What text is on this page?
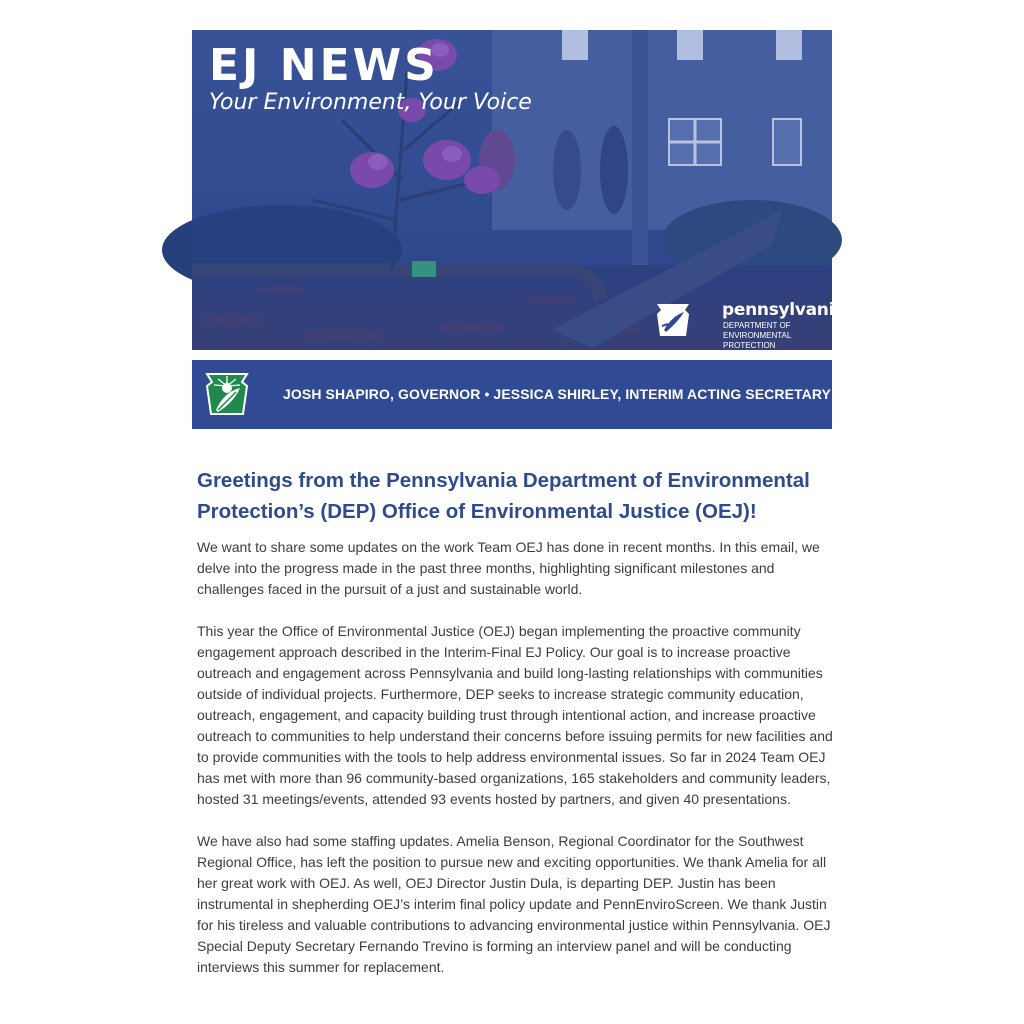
EJ NEWS
Your Environment, Your Voice
pennsylvania
DEPARTMENT OF ENVIRONMENTAL PROTECTION
JOSH SHAPIRO, GOVERNOR • JESSICA SHIRLEY, INTERIM ACTING SECRETARY
Greetings from the Pennsylvania Department of Environmental Protection’s (DEP) Office of Environmental Justice (OEJ)!

We want to share some updates on the work Team OEJ has done in recent months. In this email, we delve into the progress made in the past three months, highlighting significant milestones and challenges faced in the pursuit of a just and sustainable world.

This year the Office of Environmental Justice (OEJ) began implementing the proactive community engagement approach described in the Interim-Final EJ Policy. Our goal is to increase proactive outreach and engagement across Pennsylvania and build long-lasting relationships with communities outside of individual projects. Furthermore, DEP seeks to increase strategic community education, outreach, engagement, and capacity building trust through intentional action, and increase proactive outreach to communities to help understand their concerns before issuing permits for new facilities and to provide communities with the tools to help address environmental issues. So far in 2024 Team OEJ has met with more than 96 community-based organizations, 165 stakeholders and community leaders, hosted 31 meetings/events, attended 93 events hosted by partners, and given 40 presentations.

We have also had some staffing updates. Amelia Benson, Regional Coordinator for the Southwest Regional Office, has left the position to pursue new and exciting opportunities. We thank Amelia for all her great work with OEJ. As well, OEJ Director Justin Dula, is departing DEP. Justin has been instrumental in shepherding OEJ’s interim final policy update and PennEnviroScreen. We thank Justin for his tireless and valuable contributions to advancing environmental justice within Pennsylvania. OEJ Special Deputy Secretary Fernando Trevino is forming an interview panel and will be conducting interviews this summer for replacement.
